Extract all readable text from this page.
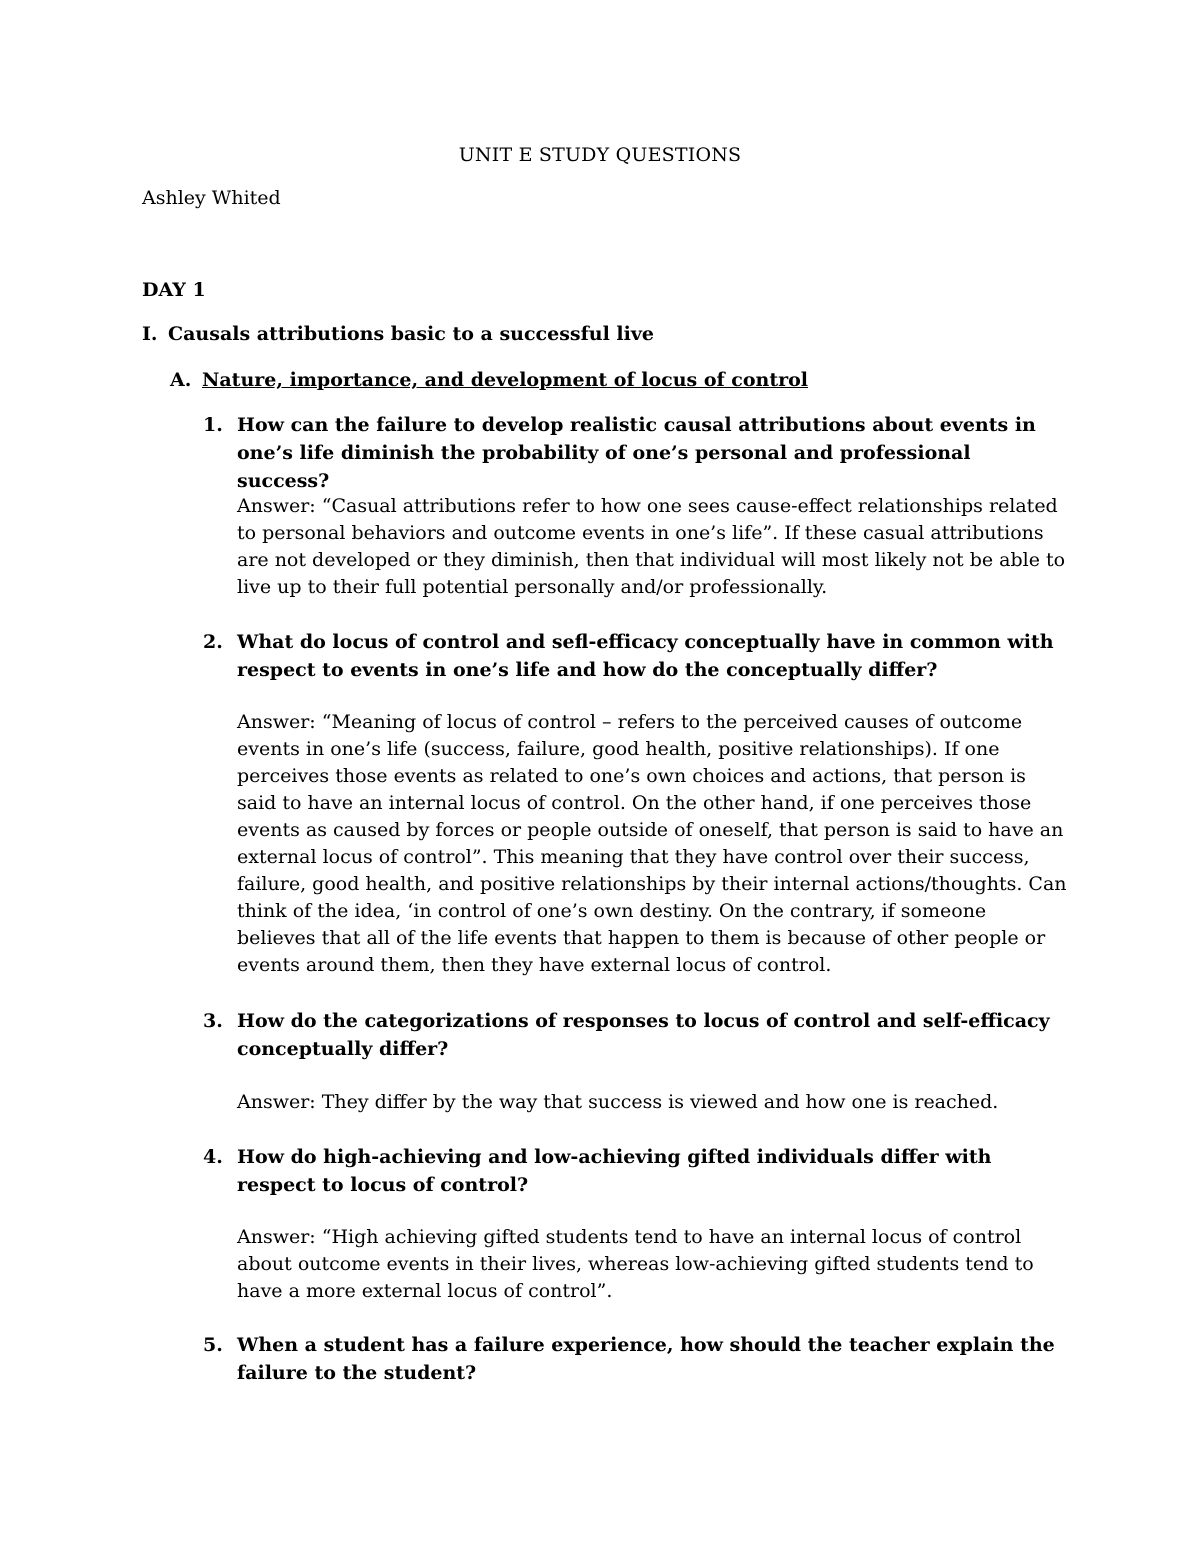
UNIT E STUDY QUESTIONS
Ashley Whited
DAY 1
I. Causals attributions basic to a successful live
A. Nature, importance, and development of locus of control
1. How can the failure to develop realistic causal attributions about events in one’s life diminish the probability of one’s personal and professional success?
Answer: “Casual attributions refer to how one sees cause-effect relationships related to personal behaviors and outcome events in one’s life”. If these casual attributions are not developed or they diminish, then that individual will most likely not be able to live up to their full potential personally and/or professionally.
2. What do locus of control and sefl-efficacy conceptually have in common with respect to events in one’s life and how do the conceptually differ?
Answer: “Meaning of locus of control – refers to the perceived causes of outcome events in one’s life (success, failure, good health, positive relationships). If one perceives those events as related to one’s own choices and actions, that person is said to have an internal locus of control. On the other hand, if one perceives those events as caused by forces or people outside of oneself, that person is said to have an external locus of control”. This meaning that they have control over their success, failure, good health, and positive relationships by their internal actions/thoughts. Can think of the idea, ‘in control of one’s own destiny. On the contrary, if someone believes that all of the life events that happen to them is because of other people or events around them, then they have external locus of control.
3. How do the categorizations of responses to locus of control and self-efficacy conceptually differ?
Answer: They differ by the way that success is viewed and how one is reached.
4. How do high-achieving and low-achieving gifted individuals differ with respect to locus of control?
Answer: “High achieving gifted students tend to have an internal locus of control about outcome events in their lives, whereas low-achieving gifted students tend to have a more external locus of control”.
5. When a student has a failure experience, how should the teacher explain the failure to the student?
